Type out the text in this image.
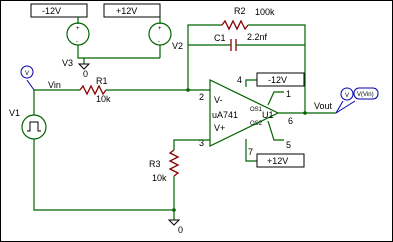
-12V
+
-
0
V3
+12V
+
- V2
R2 100k
C1 2.2nf
R1
10k
Vin
V
V1
V-
V+
OS1
OS2
uA741	U1
2
3
4
7
6
1
5
-12V
+12V
0
R3
10k
Vout
V V(Vin)
